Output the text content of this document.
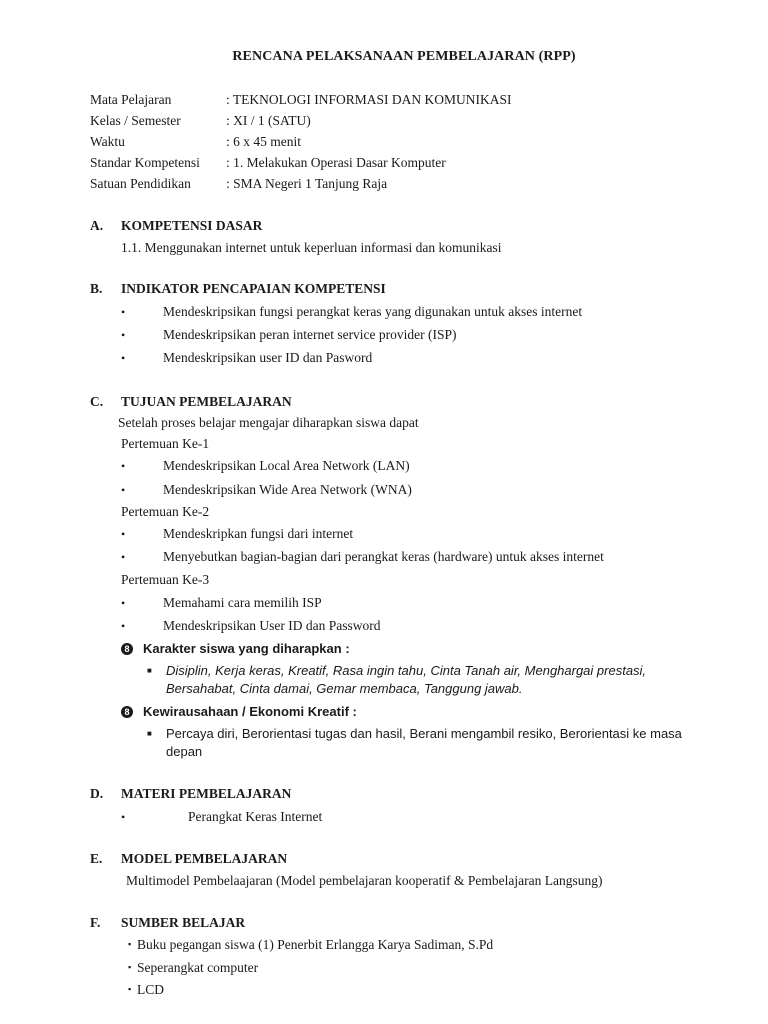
RENCANA PELAKSANAAN PEMBELAJARAN (RPP)
Mata Pelajaran	: TEKNOLOGI INFORMASI DAN KOMUNIKASI
Kelas / Semester	: XI / 1 (SATU)
Waktu	: 6 x 45 menit
Standar Kompetensi : 1. Melakukan Operasi Dasar Komputer
Satuan Pendidikan	: SMA Negeri 1 Tanjung Raja
A. KOMPETENSI DASAR
1.1. Menggunakan internet untuk keperluan informasi dan komunikasi
B. INDIKATOR PENCAPAIAN KOMPETENSI
•	Mendeskripsikan fungsi perangkat keras yang digunakan untuk akses internet
•	Mendeskripsikan peran internet service provider (ISP)
•	Mendeskripsikan user ID dan Pasword
C. TUJUAN PEMBELAJARAN
Setelah proses belajar mengajar diharapkan siswa dapat
Pertemuan Ke-1
•	Mendeskripsikan Local Area Network (LAN)
•	Mendeskripsikan Wide Area Network (WNA)
Pertemuan Ke-2
•	Mendeskripkan fungsi dari internet
•	Menyebutkan bagian-bagian dari perangkat keras (hardware) untuk akses internet
Pertemuan Ke-3
•	Memahami cara memilih ISP
•	Mendeskripsikan User ID dan Password
8 Karakter siswa yang diharapkan :
■ Disiplin, Kerja keras, Kreatif, Rasa ingin tahu, Cinta Tanah air, Menghargai prestasi,
Bersahabat, Cinta damai, Gemar membaca, Tanggung jawab.
8 Kewirausahaan / Ekonomi Kreatif :
■ Percaya diri, Berorientasi tugas dan hasil, Berani mengambil resiko, Berorientasi ke masa
depan
D. MATERI PEMBELAJARAN
•	Perangkat Keras Internet
E. MODEL PEMBELAJARAN
Multimodel Pembelaajaran (Model pembelajaran kooperatif & Pembelajaran Langsung)
F. SUMBER BELAJAR
▪ Buku pegangan siswa (1) Penerbit Erlangga Karya Sadiman, S.Pd
▪ Seperangkat computer
▪ LCD
